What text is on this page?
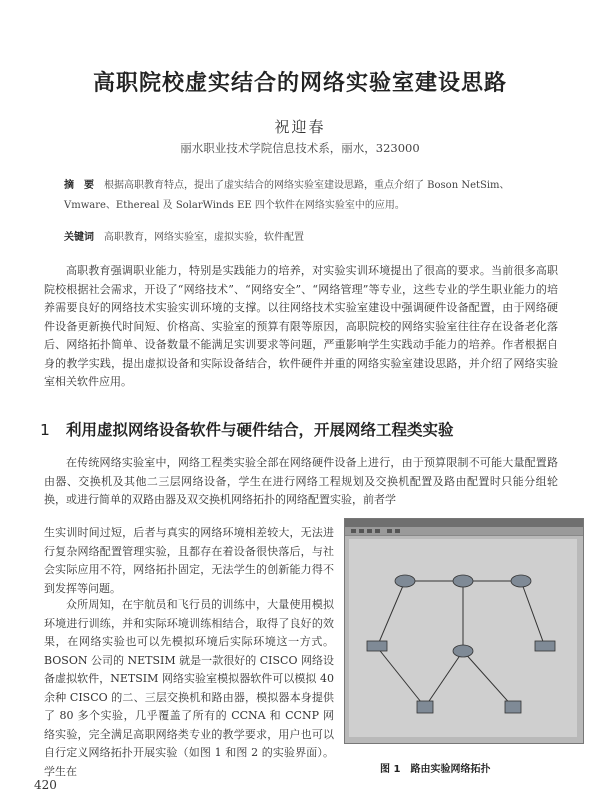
高职院校虚实结合的网络实验室建设思路
祝迎春
丽水职业技术学院信息技术系，丽水，323000
摘　要 根据高职教育特点，提出了虚实结合的网络实验室建设思路，重点介绍了 Boson NetSim、Vmware、Ethereal 及 SolarWinds EE 四个软件在网络实验室中的应用。
关键词 高职教育，网络实验室，虚拟实验，软件配置
高职教育强调职业能力，特别是实践能力的培养，对实验实训环境提出了很高的要求。当前很多高职院校根据社会需求，开设了“网络技术”、“网络安全”、“网络管理”等专业，这些专业的学生职业能力的培养需要良好的网络技术实验实训环境的支撑。以往网络技术实验室建设中强调硬件设备配置，由于网络硬件设备更新换代时间短、价格高、实验室的预算有限等原因，高职院校的网络实验室往往存在设备老化落后、网络拓扑简单、设备数量不能满足实训要求等问题，严重影响学生实践动手能力的培养。作者根据自身的教学实践，提出虚拟设备和实际设备结合，软件硬件并重的网络实验室建设思路，并介绍了网络实验室相关软件应用。
1 利用虚拟网络设备软件与硬件结合，开展网络工程类实验
在传统网络实验室中，网络工程类实验全部在网络硬件设备上进行，由于预算限制不可能大量配置路由器、交换机及其他二三层网络设备，学生在进行网络工程规划及交换机配置及路由配置时只能分组轮换，或进行简单的双路由器及双交换机网络拓扑的网络配置实验，前者学
生实训时间过短，后者与真实的网络环境相差较大，无法进行复杂网络配置管理实验，且都存在着设备很快落后，与社会实际应用不符，网络拓扑固定，无法学生的创新能力得不到发挥等问题。
众所周知，在宇航员和飞行员的训练中，大量使用模拟环境进行训练，并和实际环境训练相结合，取得了良好的效果，在网络实验也可以先模拟环境后实际环境这一方式。BOSON 公司的 NETSIM 就是一款很好的 CISCO 网络设备虚拟软件，NETSIM 网络实验室模拟器软件可以模拟 40 余种 CISCO 的二、三层交换机和路由器，模拟器本身提供了 80 多个实验，几乎覆盖了所有的 CCNA 和 CCNP 网络实验，完全满足高职网络类专业的教学要求，用户也可以自行定义网络拓扑开展实验（如图 1 和图 2 的实验界面）。学生在	图 1 路由实验网络拓扑
420
